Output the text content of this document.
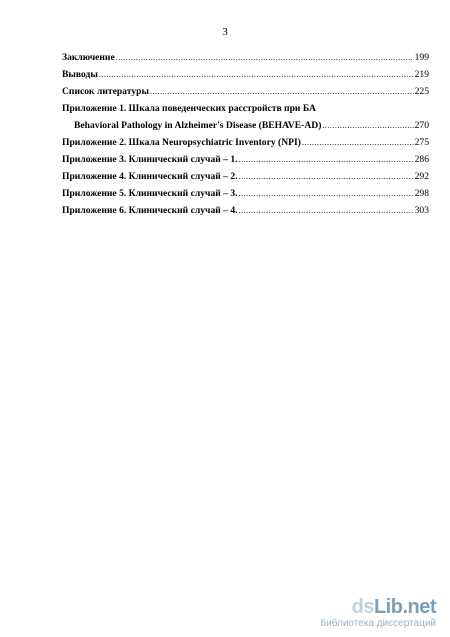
3
Заключение .....	199
Выводы .....	219
Список литературы .....	225
Приложение 1. Шкала поведенческих расстройств при БА
Behavioral Pathology in Alzheimer's Disease (BEHAVE-AD) .....	270
Приложение 2. Шкала Neuropsychiatric Inventory (NPI) .....	275
Приложение 3. Клинический случай – 1. .....	286
Приложение 4. Клинический случай – 2. .....	292
Приложение 5. Клинический случай – 3. .....	298
Приложение 6. Клинический случай – 4. .....	303
dsLib.net
библиотека диссертаций
